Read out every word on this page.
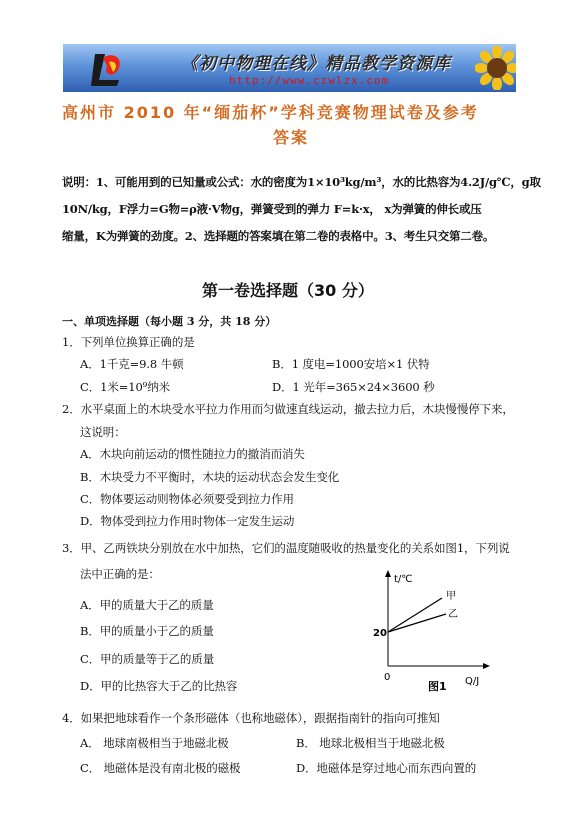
《初中物理在线》精品教学资源库
http://www.czwlzx.com
高州市 2010 年“缅茄杯”学科竞赛物理试卷及参考
答案
说明：1、可能用到的已知量或公式：水的密度为1×10³kg/m³，水的比热容为4.2J/g℃，g取
10N/kg，F浮力=G物=ρ液·V物g，弹簧受到的弹力 F=k·x， x为弹簧的伸长或压
缩量，K为弹簧的劲度。2、选择题的答案填在第二卷的表格中。3、考生只交第二卷。
第一卷选择题（30 分）
一、单项选择题（每小题 3 分，共 18 分）
1．下列单位换算正确的是
A．1千克=9.8 牛顿	B．1 度电=1000安培×1 伏特
C．1米=10⁹纳米	D．1 光年=365×24×3600 秒
2．水平桌面上的木块受水平拉力作用而匀做速直线运动，撤去拉力后，木块慢慢停下来，
这说明：
A．木块向前运动的惯性随拉力的撤消而消失
B．木块受力不平衡时，木块的运动状态会发生变化
C．物体要运动则物体必须要受到拉力作用
D．物体受到拉力作用时物体一定发生运动
3．甲、乙两铁块分别放在水中加热，它们的温度随吸收的热量变化的关系如图1，下列说
法中正确的是：
A．甲的质量大于乙的质量
B．甲的质量小于乙的质量
C．甲的质量等于乙的质量
D．甲的比热容大于乙的比热容
t/℃
20
0	Q/J
甲
乙
图1
4．如果把地球看作一个条形磁体（也称地磁体），跟据指南针的指向可推知
A． 地球南极相当于地磁北极	B． 地球北极相当于地磁北极
C． 地磁体是没有南北极的磁极	D．地磁体是穿过地心而东西向置的
